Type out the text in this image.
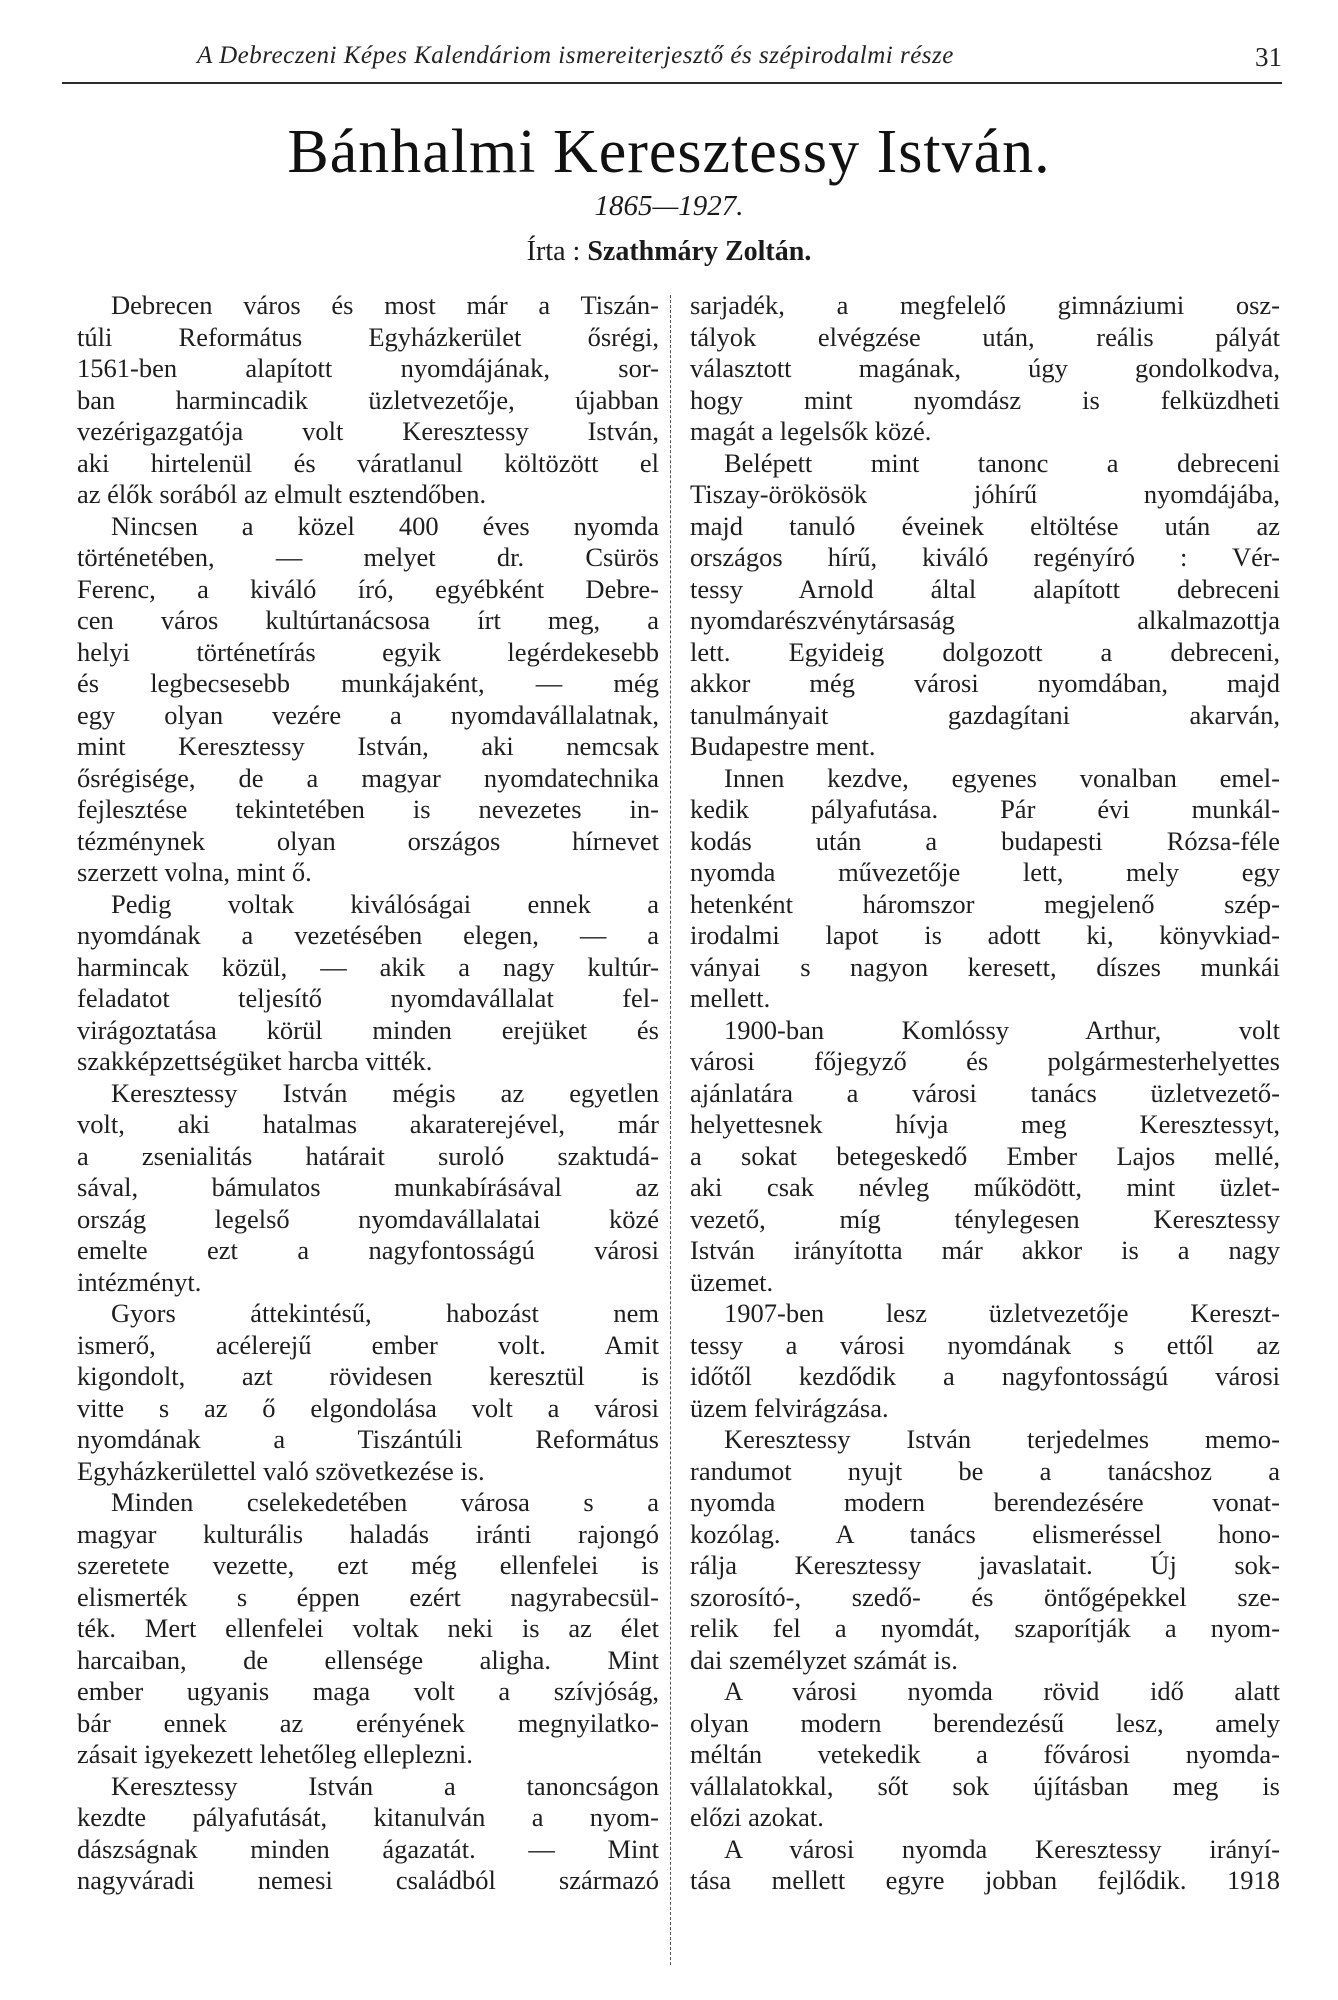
A Debreczeni Képes Kalendáriom ismereiterjesztő és szépirodalmi része	31
Bánhalmi Keresztessy István.
1865—1927.
Írta : Szathmáry Zoltán.
Debrecen város és most már a Tiszán-
túli Református Egyházkerület ősrégi,
1561-ben alapított nyomdájának, sor-
ban harmincadik üzletvezetője, újabban
vezérigazgatója volt Keresztessy István,
aki hirtelenül és váratlanul költözött el
az élők sorából az elmult esztendőben.
Nincsen a közel 400 éves nyomda
történetében, — melyet dr. Csürös
Ferenc, a kiváló író, egyébként Debre-
cen város kultúrtanácsosa írt meg, a
helyi történetírás egyik legérdekesebb
és legbecsesebb munkájaként, — még
egy olyan vezére a nyomdavállalatnak,
mint Keresztessy István, aki nemcsak
ősrégisége, de a magyar nyomdatechnika
fejlesztése tekintetében is nevezetes in-
tézménynek olyan országos hírnevet
szerzett volna, mint ő.
Pedig voltak kiválóságai ennek a
nyomdának a vezetésében elegen, — a
harmincak közül, — akik a nagy kultúr-
feladatot teljesítő nyomdavállalat fel-
virágoztatása körül minden erejüket és
szakképzettségüket harcba vitték.
Keresztessy István mégis az egyetlen
volt, aki hatalmas akaraterejével, már
a zsenialitás határait suroló szaktudá-
sával, bámulatos munkabírásával az
ország legelső nyomdavállalatai közé
emelte ezt a nagyfontosságú városi
intézményt.
Gyors áttekintésű, habozást nem
ismerő, acélerejű ember volt. Amit
kigondolt, azt rövidesen keresztül is
vitte s az ő elgondolása volt a városi
nyomdának a Tiszántúli Református
Egyházkerülettel való szövetkezése is.
Minden cselekedetében városa s a
magyar kulturális haladás iránti rajongó
szeretete vezette, ezt még ellenfelei is
elismerték s éppen ezért nagyrabecsül-
ték. Mert ellenfelei voltak neki is az élet
harcaiban, de ellensége aligha. Mint
ember ugyanis maga volt a szívjóság,
bár ennek az erényének megnyilatko-
zásait igyekezett lehetőleg elleplezni.
Keresztessy István a tanoncságon
kezdte pályafutását, kitanulván a nyom-
dászságnak minden ágazatát. — Mint
nagyváradi nemesi családból származó
sarjadék, a megfelelő gimnáziumi osz-
tályok elvégzése után, reális pályát
választott magának, úgy gondolkodva,
hogy mint nyomdász is felküzdheti
magát a legelsők közé.
Belépett mint tanonc a debreceni
Tiszay-örökösök jóhírű nyomdájába,
majd tanuló éveinek eltöltése után az
országos hírű, kiváló regényíró : Vér-
tessy Arnold által alapított debreceni
nyomdarészvénytársaság alkalmazottja
lett. Egyideig dolgozott a debreceni,
akkor még városi nyomdában, majd
tanulmányait gazdagítani akarván,
Budapestre ment.
Innen kezdve, egyenes vonalban emel-
kedik pályafutása. Pár évi munkál-
kodás után a budapesti Rózsa-féle
nyomda művezetője lett, mely egy
hetenként háromszor megjelenő szép-
irodalmi lapot is adott ki, könyvkiad-
ványai s nagyon keresett, díszes munkái
mellett.
1900-ban Komlóssy Arthur, volt
városi főjegyző és polgármesterhelyettes
ajánlatára a városi tanács üzletvezető-
helyettesnek hívja meg Keresztessyt,
a sokat betegeskedő Ember Lajos mellé,
aki csak névleg működött, mint üzlet-
vezető, míg ténylegesen Keresztessy
István irányította már akkor is a nagy
üzemet.
1907-ben lesz üzletvezetője Kereszt-
tessy a városi nyomdának s ettől az
időtől kezdődik a nagyfontosságú városi
üzem felvirágzása.
Keresztessy István terjedelmes memo-
randumot nyujt be a tanácshoz a
nyomda modern berendezésére vonat-
kozólag. A tanács elismeréssel hono-
rálja Keresztessy javaslatait. Új sok-
szorosító-, szedő- és öntőgépekkel sze-
relik fel a nyomdát, szaporítják a nyom-
dai személyzet számát is.
A városi nyomda rövid idő alatt
olyan modern berendezésű lesz, amely
méltán vetekedik a fővárosi nyomda-
vállalatokkal, sőt sok újításban meg is
előzi azokat.
A városi nyomda Keresztessy irányí-
tása mellett egyre jobban fejlődik. 1918
